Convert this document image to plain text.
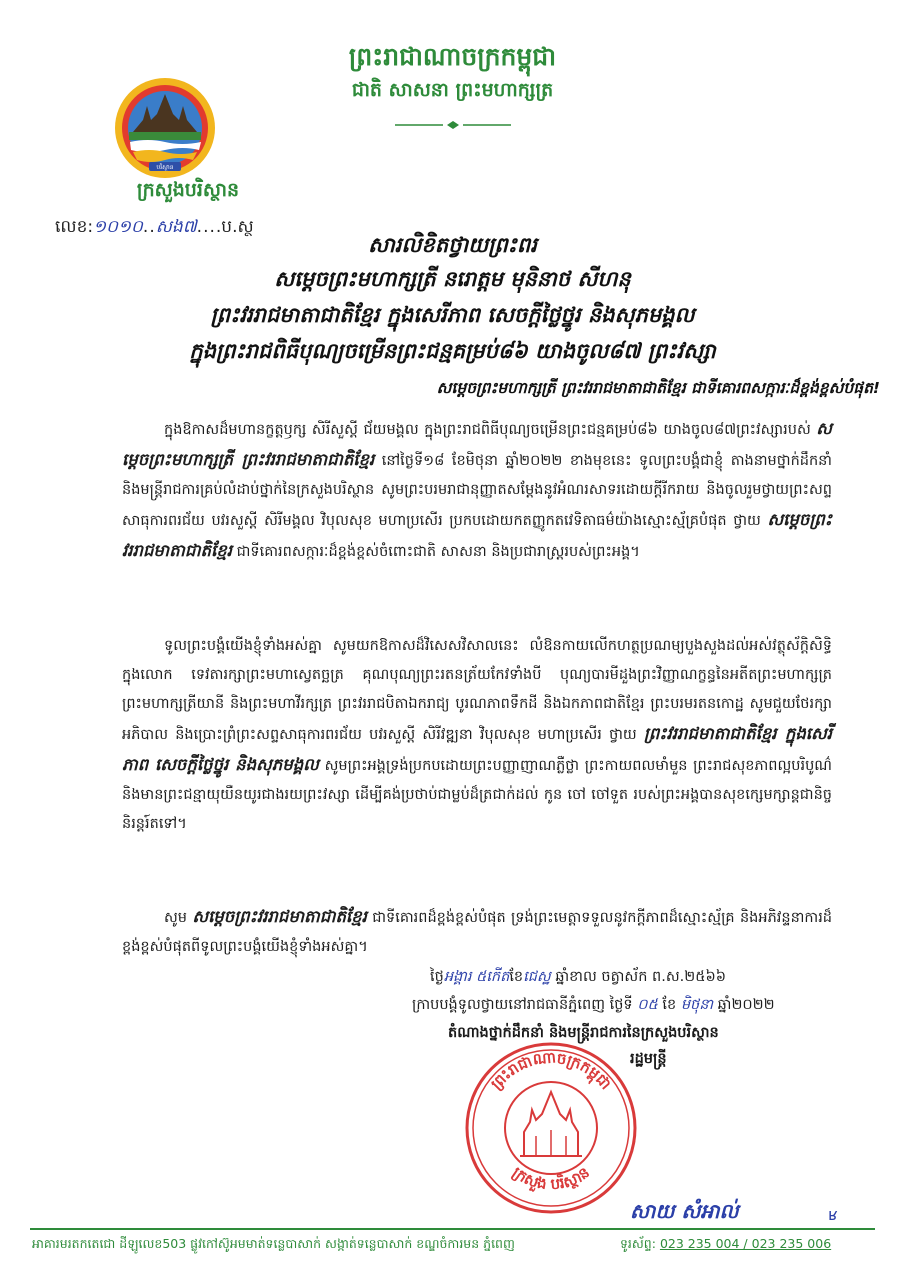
ព្រះរាជាណាចក្រកម្ពុជា
ជាតិ សាសនា ព្រះមហាក្សត្រ
បរិស្ថាន
ក្រសួងបរិស្ថាន
លេខ:១០១០..សង៧....ប.ស្ថ
សារលិខិតថ្វាយព្រះពរ
សម្តេចព្រះមហាក្សត្រី នរោត្តម មុនិនាថ សីហនុ
ព្រះវររាជមាតាជាតិខ្មែរ ក្នុងសេរីភាព សេចក្តីថ្លៃថ្នូរ និងសុភមង្គល
ក្នុងព្រះរាជពិធីបុណ្យចម្រើនព្រះជន្មគម្រប់៨៦ យាងចូល៨៧ ព្រះវស្សា
សម្តេចព្រះមហាក្សត្រី ព្រះវររាជមាតាជាតិខ្មែរ ជាទីគោរពសក្ការៈដ៏ខ្ពង់ខ្ពស់បំផុត!
ក្នុងឱកាសដ៏មហានក្ខត្តឫក្ស សិរីសួស្តី ជ័យមង្គល ក្នុងព្រះរាជពិធីបុណ្យចម្រើនព្រះជន្មគម្រប់៨៦ យាងចូល៨៧ព្រះវស្សារបស់ សម្តេចព្រះមហាក្សត្រី ព្រះវររាជមាតាជាតិខ្មែរ នៅថ្ងៃទី១៨ ខែមិថុនា ឆ្នាំ២០២២ ខាងមុខនេះ ទូលព្រះបង្គំជាខ្ញុំ តាងនាមថ្នាក់ដឹកនាំ និងមន្ត្រីរាជការគ្រប់លំដាប់ថ្នាក់នៃក្រសួងបរិស្ថាន សូមព្រះបរមរាជានុញ្ញាតសម្តែងនូវអំណរសាទរដោយក្តីរីករាយ និងចូលរួមថ្វាយព្រះសព្ទសាធុការពរជ័យ បវរសួស្តី សិរីមង្គល វិបុលសុខ មហាប្រសើរ ប្រកបដោយកតញ្ញូកតវេទិតាធម៌យ៉ាងស្មោះស្ម័គ្របំផុត ថ្វាយ សម្តេចព្រះវររាជមាតាជាតិខ្មែរ ជាទីគោរពសក្ការៈដ៏ខ្ពង់ខ្ពស់ចំពោះជាតិ សាសនា និងប្រជារាស្ត្ររបស់ព្រះអង្គ។
ទូលព្រះបង្គំយើងខ្ញុំទាំងអស់គ្នា សូមយកឱកាសដ៏វិសេសវិសាលនេះ លំឱនកាយលើកហត្ថប្រណម្យបួងសួងដល់អស់វត្ថុស័ក្តិសិទ្ធិក្នុងលោក ទេវតារក្សាព្រះមហាស្វេតច្ឆត្រ គុណបុណ្យព្រះរតនត្រ័យកែវទាំងបី បុណ្យបារមីដួងព្រះវិញ្ញាណក្ខន្ធនៃអតីតព្រះមហាក្សត្រ ព្រះមហាក្សត្រីយានី និងព្រះមហាវីរក្សត្រ ព្រះវររាជបិតាឯករាជ្យ បូរណភាពទឹកដី និងឯកភាពជាតិខ្មែរ ព្រះបរមរតនកោដ្ឋ សូមជួយថែរក្សាអភិបាល និងប្រោះព្រំព្រះសព្ទសាធុការពរជ័យ បវរសួស្តី សិរីវឌ្ឍនា វិបុលសុខ មហាប្រសើរ ថ្វាយ ព្រះវររាជមាតាជាតិខ្មែរ ក្នុងសេរីភាព សេចក្តីថ្លៃថ្នូរ និងសុភមង្គល សូមព្រះអង្គទ្រង់ប្រកបដោយព្រះបញ្ញាញាណភ្លឺថ្លា ព្រះកាយពលមាំមួន ព្រះរាជសុខភាពល្អបរិបូណ៌ និងមានព្រះជន្មាយុយឺនយូរជាងរយព្រះវស្សា ដើម្បីគង់ប្រថាប់ជាម្លប់ដ៏ត្រជាក់ដល់ កូន ចៅ ចៅទួត របស់ព្រះអង្គបានសុខក្សេមក្សាន្តជានិច្ចនិរន្តរ៍តទៅ។
សូម សម្តេចព្រះវររាជមាតាជាតិខ្មែរ ជាទីគោរពដ៏ខ្ពង់ខ្ពស់បំផុត ទ្រង់ព្រះមេត្តាទទួលនូវកក្តីភាពដ៏ស្មោះស្ម័គ្រ និងអភិវន្ទនាការដ៏ខ្ពង់ខ្ពស់បំផុតពីទូលព្រះបង្គំយើងខ្ញុំទាំងអស់គ្នា។
ថ្ងៃអង្គារ ៥កើតខែជេស្ឋ ឆ្នាំខាល ចត្វាស័ក ព.ស.២៥៦៦
ក្រាបបង្គំទូលថ្វាយនៅរាជធានីភ្នំពេញ ថ្ងៃទី ០៥ ខែ មិថុនា ឆ្នាំ២០២២
តំណាងថ្នាក់ដឹកនាំ និងមន្ត្រីរាជការនៃក្រសួងបរិស្ថាន
រដ្ឋមន្ត្រី
ព្រះរាជាណាចក្រកម្ពុជា
ក្រសួង បរិស្ថាន
សាយ សំអាល់	ʁ
អាគារមរតកតេជោ ដីឡូលេខ503 ផ្លូវកៅស៊ូអមមាត់ទន្លេបាសាក់ សង្កាត់ទន្លេបាសាក់ ខណ្ឌចំការមន ភ្នំពេញ	ទូរស័ព្ទ: 023 235 004 / 023 235 006
